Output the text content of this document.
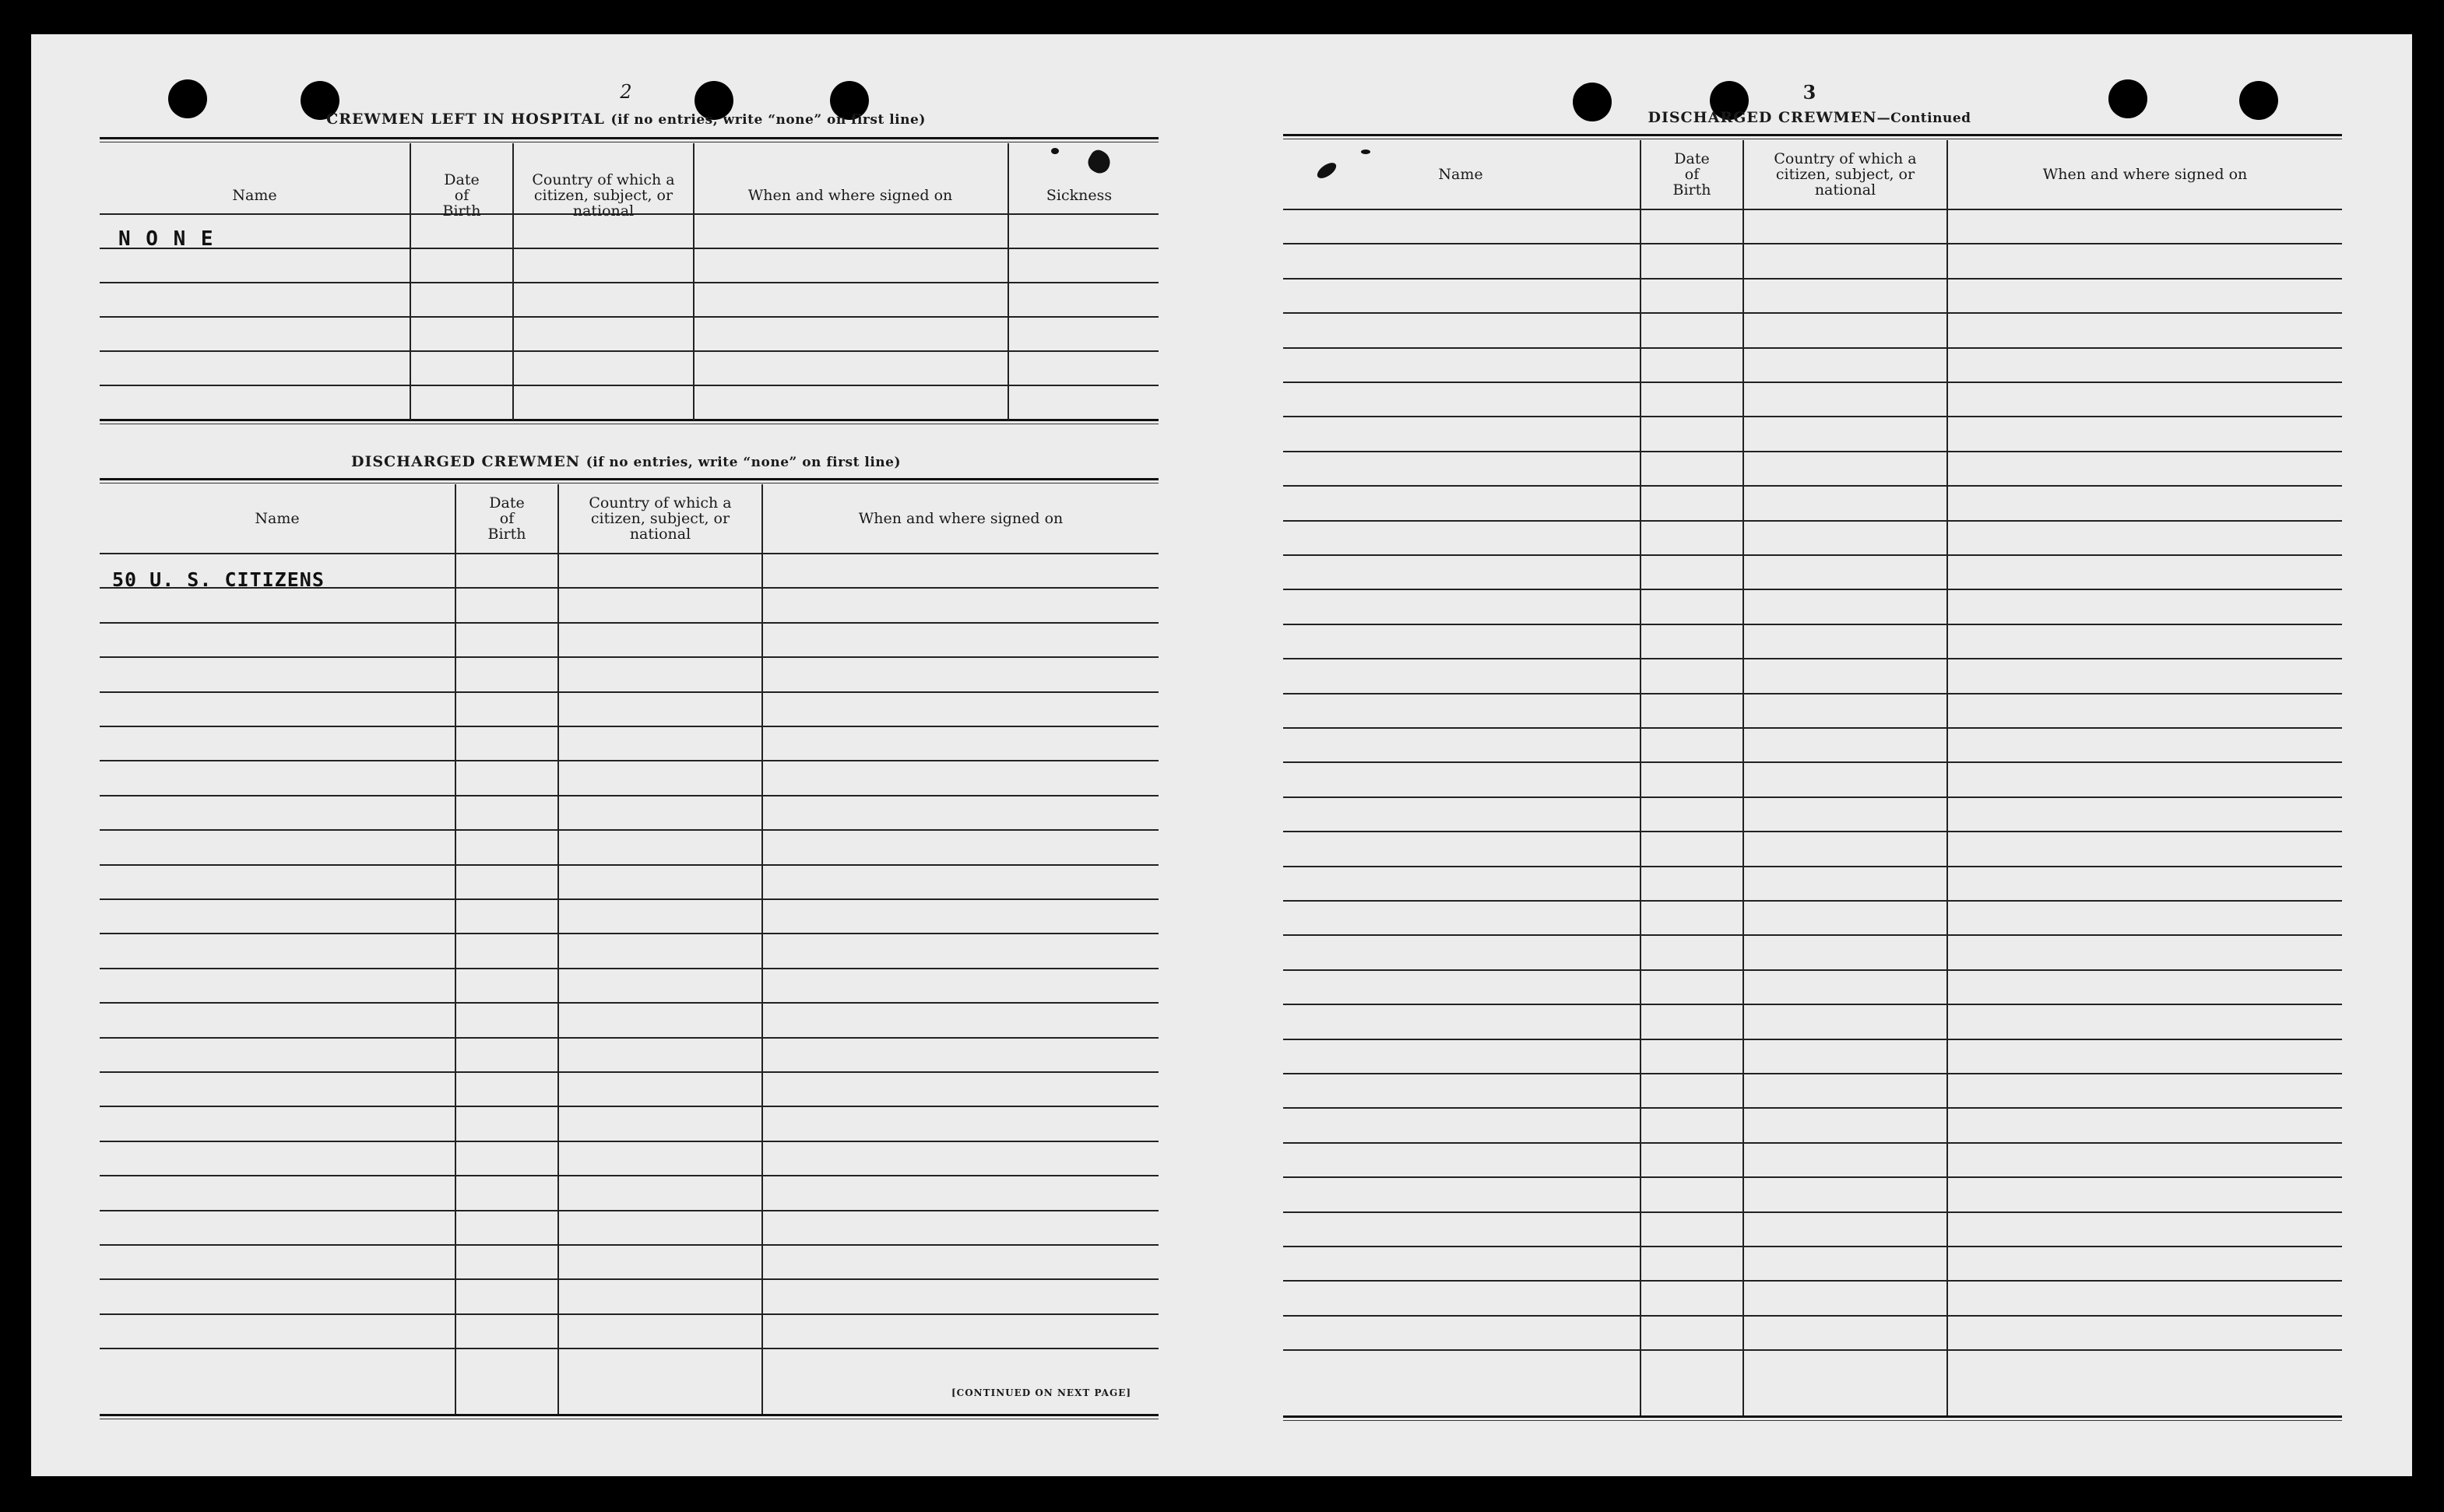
2
CREWMEN LEFT IN HOSPITAL (if no entries, write “none” on first line)
Name
Date
of
Birth
Country of which a
citizen, subject, or
national
When and where signed on	Sickness
N O N E
DISCHARGED CREWMEN (if no entries, write “none” on first line)
Name
Date
of
Birth
Country of which a
citizen, subject, or
national
When and where signed on
50 U. S. CITIZENS
[CONTINUED ON NEXT PAGE]
3
DISCHARGED CREWMEN—Continued
Name
Date
of
Birth
Country of which a
citizen, subject, or
national
When and where signed on
